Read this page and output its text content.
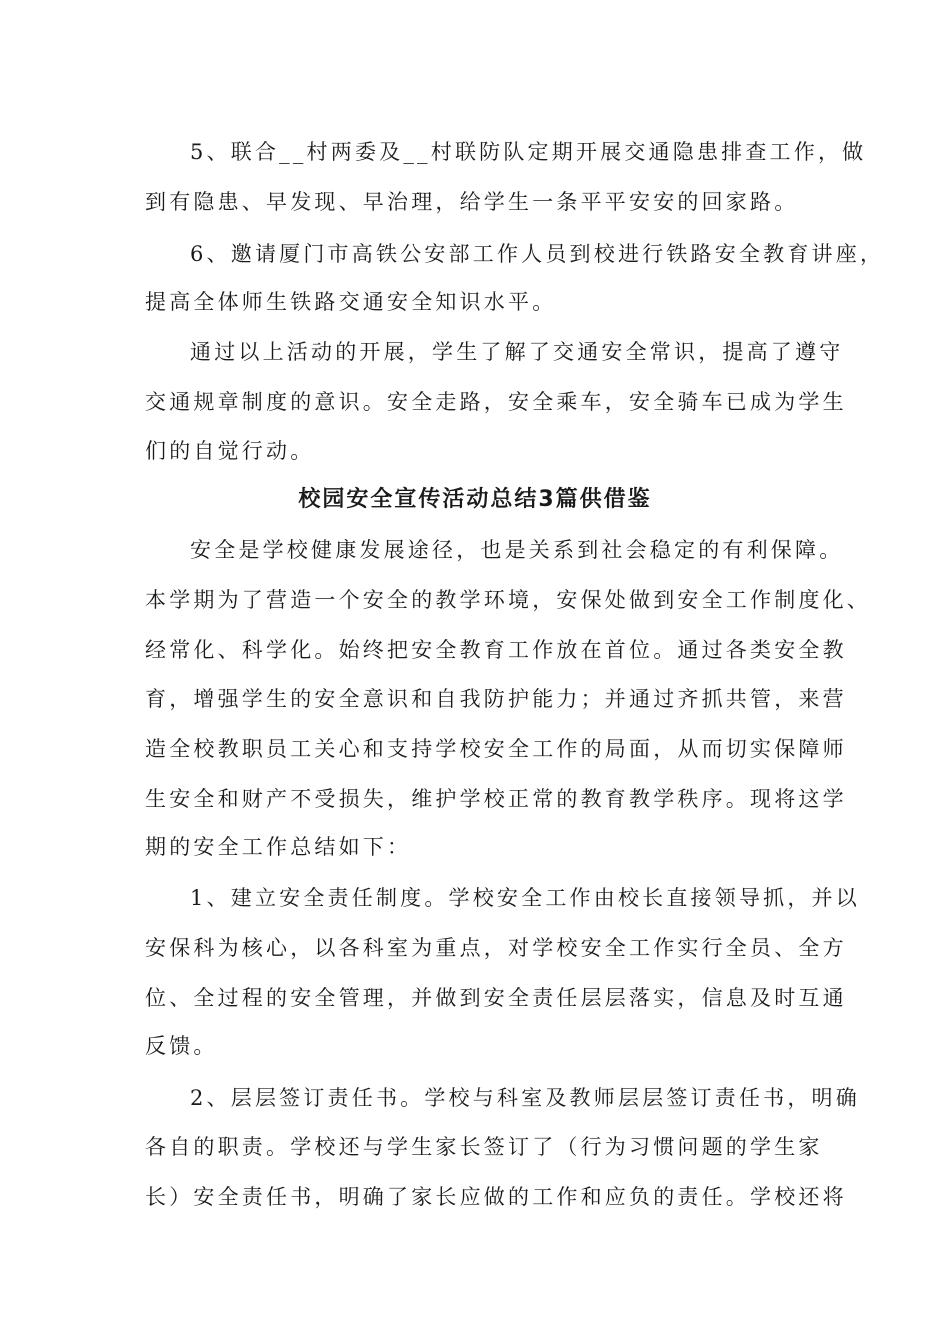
5、联合__村两委及__村联防队定期开展交通隐患排查工作，做
到有隐患、早发现、早治理，给学生一条平平安安的回家路。
6、邀请厦门市高铁公安部工作人员到校进行铁路安全教育讲座，
提高全体师生铁路交通安全知识水平。
通过以上活动的开展，学生了解了交通安全常识，提高了遵守
交通规章制度的意识。安全走路，安全乘车，安全骑车已成为学生
们的自觉行动。
校园安全宣传活动总结3篇供借鉴
安全是学校健康发展途径，也是关系到社会稳定的有利保障。
本学期为了营造一个安全的教学环境，安保处做到安全工作制度化、
经常化、科学化。始终把安全教育工作放在首位。通过各类安全教
育，增强学生的安全意识和自我防护能力；并通过齐抓共管，来营
造全校教职员工关心和支持学校安全工作的局面，从而切实保障师
生安全和财产不受损失，维护学校正常的教育教学秩序。现将这学
期的安全工作总结如下：
1、建立安全责任制度。学校安全工作由校长直接领导抓，并以
安保科为核心，以各科室为重点，对学校安全工作实行全员、全方
位、全过程的安全管理，并做到安全责任层层落实，信息及时互通
反馈。
2、层层签订责任书。学校与科室及教师层层签订责任书，明确
各自的职责。学校还与学生家长签订了（行为习惯问题的学生家
长）安全责任书，明确了家长应做的工作和应负的责任。学校还将
